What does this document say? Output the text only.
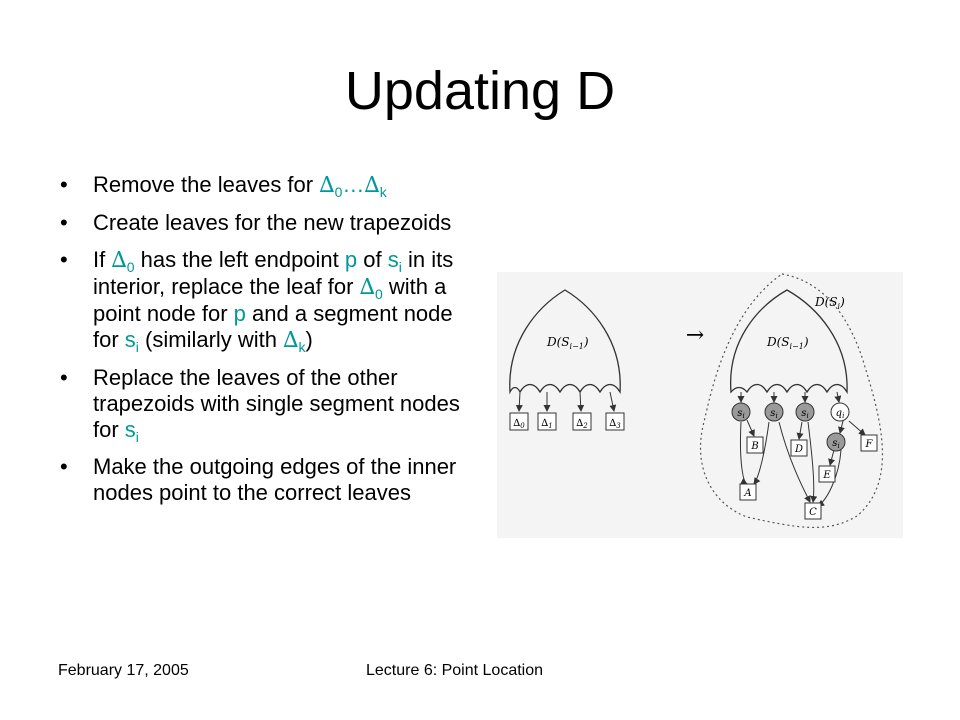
Updating D
• Remove the leaves for $\Delta_0\dots\Delta_k$
• Create leaves for the new trapezoids
• If $\Delta_0$ has the left endpoint p of $s_i$ in its interior, replace the leaf for $\Delta_0$ with a point node for p and a segment node for $s_i$ (similarly with $\Delta_k$)
• Replace the leaves of the other trapezoids with single segment nodes for $s_i$
• Make the outgoing edges of the inner nodes point to the correct leaves
$D(S_{i-1})$
$\Delta_0$ $\Delta_1$ $\Delta_2$ $\Delta_3$
→
$D(S_i)$
$D(S_{i-1})$
$s_i$	$s_i$ $s_i$	$q_i$
$s_i$
B	D	F
E
A
C
February 17, 2005	Lecture 6: Point Location
